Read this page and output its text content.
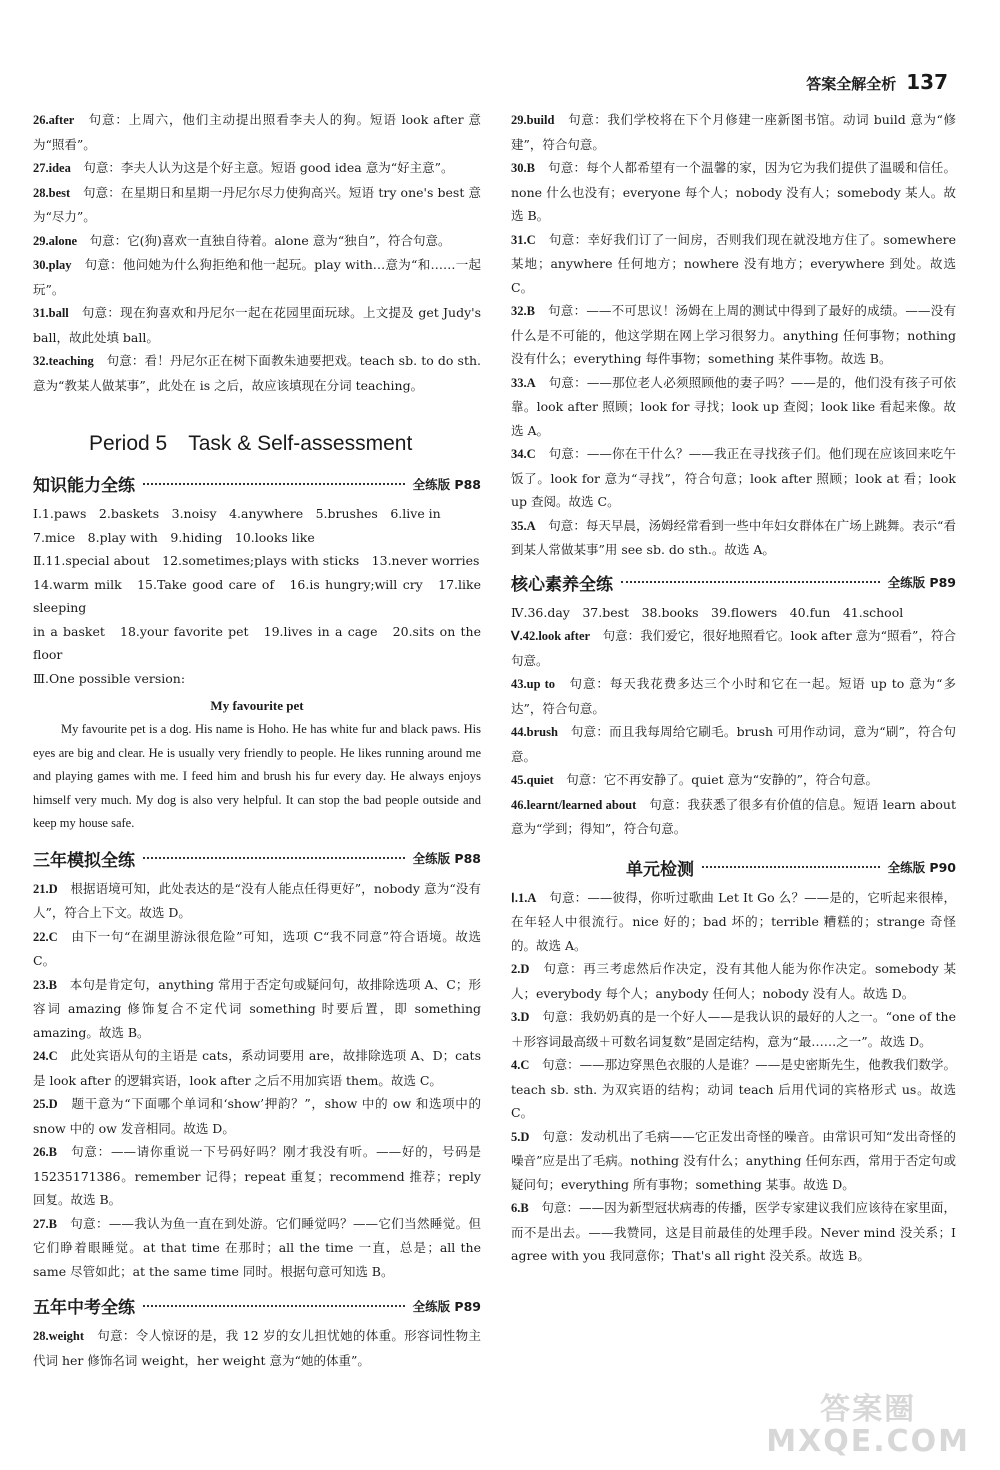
答案全解全析 137

26.after　 句意：上周六，他们主动提出照看李夫人的狗。短语 look after 意为“照看”。

27.idea　 句意：李夫人认为这是个好主意。短语 good idea 意为“好主意”。

28.best　 句意：在星期日和星期一丹尼尔尽力使狗高兴。短语 try one's best 意为“尽力”。

29.alone　 句意：它(狗)喜欢一直独自待着。alone 意为“独自”，符合句意。

30.play　 句意：他问她为什么狗拒绝和他一起玩。play with…意为“和……一起玩”。

31.ball　 句意：现在狗喜欢和丹尼尔一起在花园里面玩球。上文提及 get Judy's ball，故此处填 ball。

32.teaching　 句意：看！丹尼尔正在树下面教朱迪要把戏。teach sb. to do sth. 意为“教某人做某事”，此处在 is 之后，故应该填现在分词 teaching。

Period 5　Task & Self-assessment
知识能力全练	全练版 P88

Ⅰ.1.paws　2.baskets　3.noisy　4.anywhere　5.brushes　6.live in

7.mice　8.play with　9.hiding　10.looks like

Ⅱ.11.special about　12.sometimes;plays with sticks　13.never worries

14.warm milk　15.Take good care of　16.is hungry;will cry　17.like sleeping

in a basket　18.your favorite pet　19.lives in a cage　20.sits on the floor

Ⅲ.One possible version:

My favourite pet

My favourite pet is a dog. His name is Hoho. He has white fur and black paws. His eyes are big and clear. He is usually very friendly to people. He likes running around me and playing games with me. I feed him and brush his fur every day. He always enjoys himself very much. My dog is also very helpful. It can stop the bad people outside and keep my house safe.

三年模拟全练	全练版 P88

21.D　 根据语境可知，此处表达的是“没有人能点任得更好”，nobody 意为“没有人”，符合上下文。故选 D。

22.C　 由下一句“在湖里游泳很危险”可知，选项 C“我不同意”符合语境。故选 C。

23.B　 本句是肯定句，anything 常用于否定句或疑问句，故排除选项 A、C；形容词 amazing 修饰复合不定代词 something 时要后置，即 something amazing。故选 B。

24.C　 此处宾语从句的主语是 cats，系动词要用 are，故排除选项 A、D；cats 是 look after 的逻辑宾语，look after 之后不用加宾语 them。故选 C。

25.D　 题干意为“下面哪个单词和‘show’押韵？”，show 中的 ow 和选项中的 snow 中的 ow 发音相同。故选 D。

26.B　 句意：——请你重说一下号码好吗？刚才我没有听。——好的，号码是 15235171386。remember 记得；repeat 重复；recommend 推荐；reply 回复。故选 B。

27.B　 句意：——我认为鱼一直在到处游。它们睡觉吗？——它们当然睡觉。但它们睁着眼睡觉。at that time 在那时；all the time 一直，总是；all the same 尽管如此；at the same time 同时。根据句意可知选 B。

五年中考全练	全练版 P89

28.weight　 句意：令人惊讶的是，我 12 岁的女儿担忧她的体重。形容词性物主代词 her 修饰名词 weight，her weight 意为“她的体重”。

29.build　 句意：我们学校将在下个月修建一座新图书馆。动词 build 意为“修建”，符合句意。

30.B　 句意：每个人都希望有一个温馨的家，因为它为我们提供了温暖和信任。none 什么也没有；everyone 每个人；nobody 没有人；somebody 某人。故选 B。

31.C　 句意：幸好我们订了一间房，否则我们现在就没地方住了。somewhere 某地；anywhere 任何地方；nowhere 没有地方；everywhere 到处。故选 C。

32.B　 句意：——不可思议！汤姆在上周的测试中得到了最好的成绩。——没有什么是不可能的，他这学期在网上学习很努力。anything 任何事物；nothing 没有什么；everything 每件事物；something 某件事物。故选 B。

33.A　 句意：——那位老人必须照顾他的妻子吗？——是的，他们没有孩子可依靠。look after 照顾；look for 寻找；look up 查阅；look like 看起来像。故选 A。

34.C　 句意：——你在干什么？——我正在寻找孩子们。他们现在应该回来吃午饭了。look for 意为“寻找”，符合句意；look after 照顾；look at 看；look up 查阅。故选 C。

35.A　 句意：每天早晨，汤姆经常看到一些中年妇女群体在广场上跳舞。表示“看到某人常做某事”用 see sb. do sth.。故选 A。

核心素养全练	全练版 P89

Ⅳ.36.day　37.best　38.books　39.flowers　40.fun　41.school

Ⅴ.42.look after　 句意：我们爱它，很好地照看它。look after 意为“照看”，符合句意。

43.up to　 句意：每天我花费多达三个小时和它在一起。短语 up to 意为“多达”，符合句意。

44.brush　 句意：而且我每周给它刷毛。brush 可用作动词，意为“刷”，符合句意。

45.quiet　 句意：它不再安静了。quiet 意为“安静的”，符合句意。

46.learnt/learned about　 句意：我获悉了很多有价值的信息。短语 learn about 意为“学到；得知”，符合句意。

单元检测	全练版 P90

Ⅰ.1.A　 句意：——彼得，你听过歌曲 Let It Go 么？——是的，它听起来很棒，在年轻人中很流行。nice 好的；bad 坏的；terrible 糟糕的；strange 奇怪的。故选 A。

2.D　 句意：再三考虑然后作决定，没有其他人能为你作决定。somebody 某人；everybody 每个人；anybody 任何人；nobody 没有人。故选 D。

3.D　 句意：我奶奶真的是一个好人——是我认识的最好的人之一。“one of the＋形容词最高级＋可数名词复数”是固定结构，意为“最……之一”。故选 D。

4.C　 句意：——那边穿黑色衣服的人是谁？——是史密斯先生，他教我们数学。teach sb. sth. 为双宾语的结构；动词 teach 后用代词的宾格形式 us。故选 C。

5.D　 句意：发动机出了毛病——它正发出奇怪的噪音。由常识可知“发出奇怪的噪音”应是出了毛病。nothing 没有什么；anything 任何东西，常用于否定句或疑问句；everything 所有事物；something 某事。故选 D。

6.B　 句意：——因为新型冠状病毒的传播，医学专家建议我们应该待在家里面，而不是出去。——我赞同，这是目前最佳的处理手段。Never mind 没关系；I agree with you 我同意你；That's all right 没关系。故选 B。

答案圈
MXQE.COM
